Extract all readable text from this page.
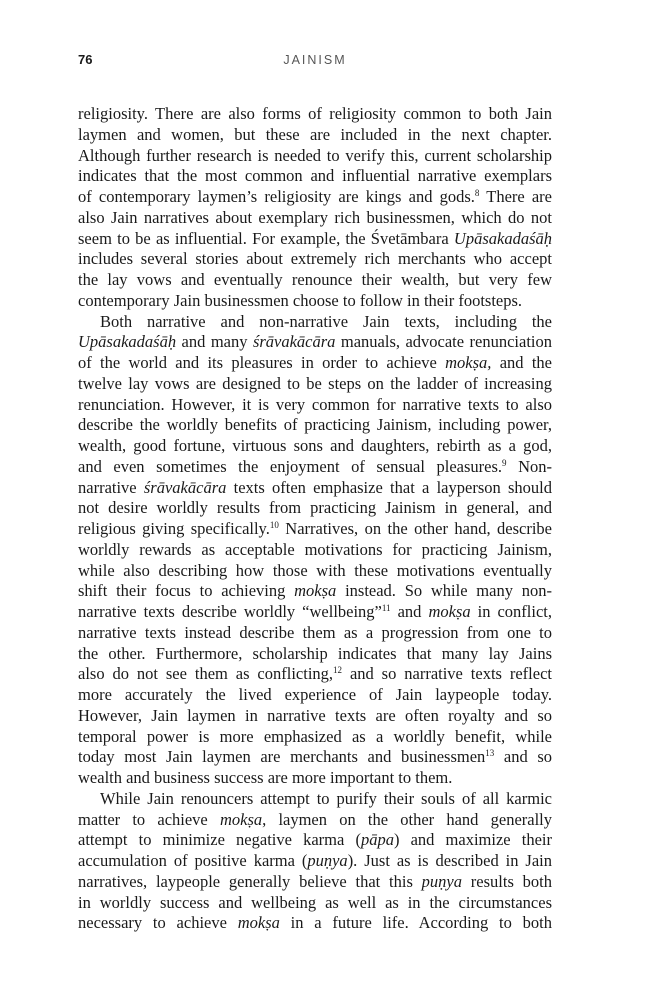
76	JAINISM
religiosity. There are also forms of religiosity common to both Jain
laymen and women, but these are included in the next chapter.
Although further research is needed to verify this, current scholarship
indicates that the most common and influential narrative exemplars
of contemporary laymen’s religiosity are kings and gods.$^8$ There are
also Jain narratives about exemplary rich businessmen, which do not
seem to be as influential. For example, the Śvetāmbara Upāsakadaśāḥ
includes several stories about extremely rich merchants who accept
the lay vows and eventually renounce their wealth, but very few
contemporary Jain businessmen choose to follow in their footsteps.
Both narrative and non-narrative Jain texts, including the
Upāsakadaśāḥ and many śrāvakācāra manuals, advocate renunciation
of the world and its pleasures in order to achieve mokṣa, and the
twelve lay vows are designed to be steps on the ladder of increasing
renunciation. However, it is very common for narrative texts to also
describe the worldly benefits of practicing Jainism, including power,
wealth, good fortune, virtuous sons and daughters, rebirth as a god,
and even sometimes the enjoyment of sensual pleasures.$^9$ Non-
narrative śrāvakācāra texts often emphasize that a layperson should
not desire worldly results from practicing Jainism in general, and
religious giving specifically.$^{10}$ Narratives, on the other hand, describe
worldly rewards as acceptable motivations for practicing Jainism,
while also describing how those with these motivations eventually
shift their focus to achieving mokṣa instead. So while many non-
narrative texts describe worldly “wellbeing”$^{11}$ and mokṣa in conflict,
narrative texts instead describe them as a progression from one to
the other. Furthermore, scholarship indicates that many lay Jains
also do not see them as conflicting,$^{12}$ and so narrative texts reflect
more accurately the lived experience of Jain laypeople today.
However, Jain laymen in narrative texts are often royalty and so
temporal power is more emphasized as a worldly benefit, while
today most Jain laymen are merchants and businessmen$^{13}$ and so
wealth and business success are more important to them.
While Jain renouncers attempt to purify their souls of all karmic
matter to achieve mokṣa, laymen on the other hand generally
attempt to minimize negative karma (pāpa) and maximize their
accumulation of positive karma (puṇya). Just as is described in Jain
narratives, laypeople generally believe that this puṇya results both
in worldly success and wellbeing as well as in the circumstances
necessary to achieve mokṣa in a future life. According to both
